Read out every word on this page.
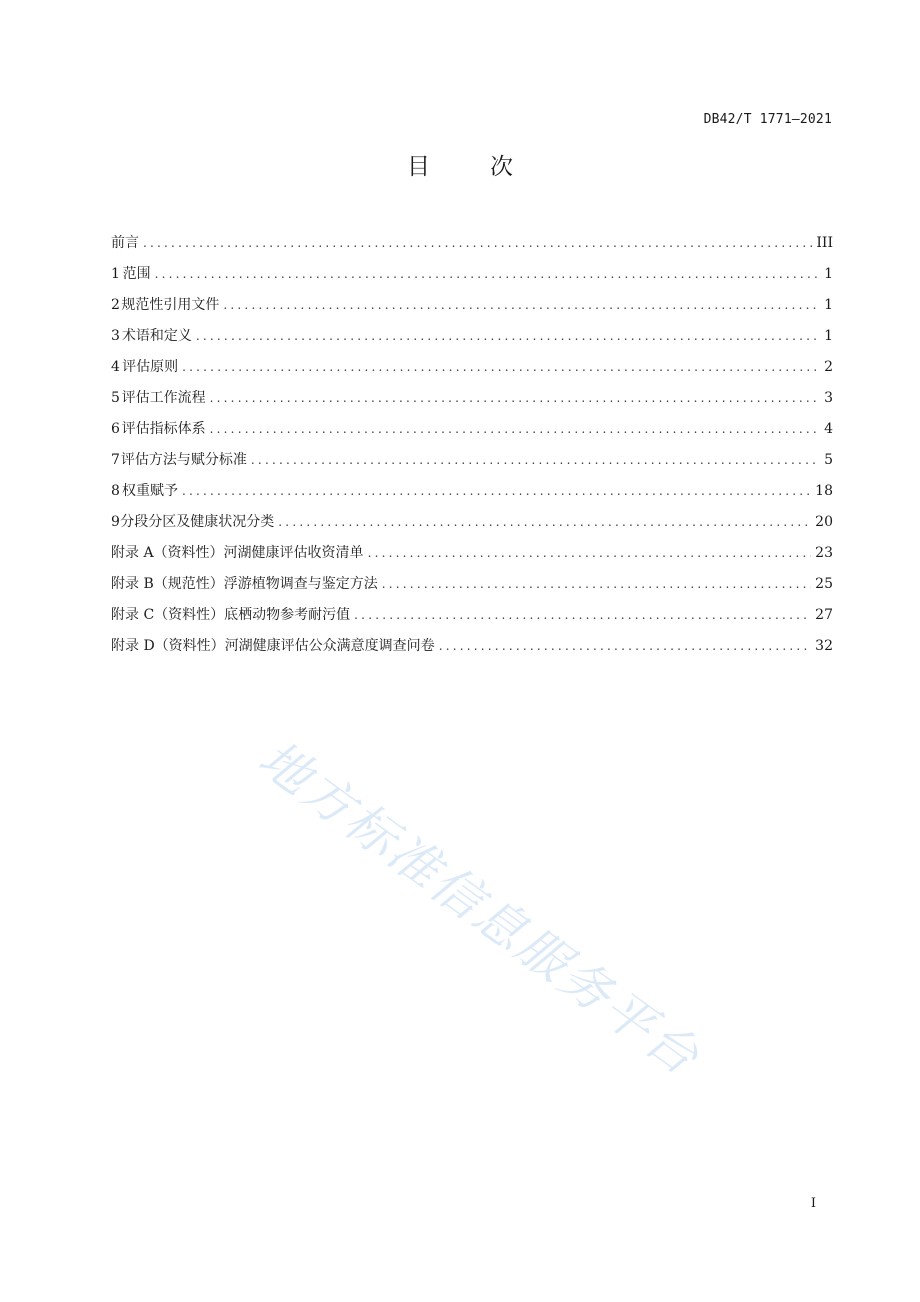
DB42/T 1771—2021
目	次
前言 .....	III
1 范围 .....	1
2 规范性引用文件 .....	1
3 术语和定义 .....	1
4 评估原则 .....	2
5 评估工作流程 .....	3
6 评估指标体系 .....	4
7 评估方法与赋分标准 .....	5
8 权重赋予 .....	18
9 分段分区及健康状况分类 .....	20
附录 A（资料性） 河湖健康评估收资清单 .....	23
附录 B（规范性） 浮游植物调查与鉴定方法 .....	25
附录 C（资料性） 底栖动物参考耐污值 .....	27
附录 D（资料性） 河湖健康评估公众满意度调查问卷 .....	32
地方标准信息服务平台
I
